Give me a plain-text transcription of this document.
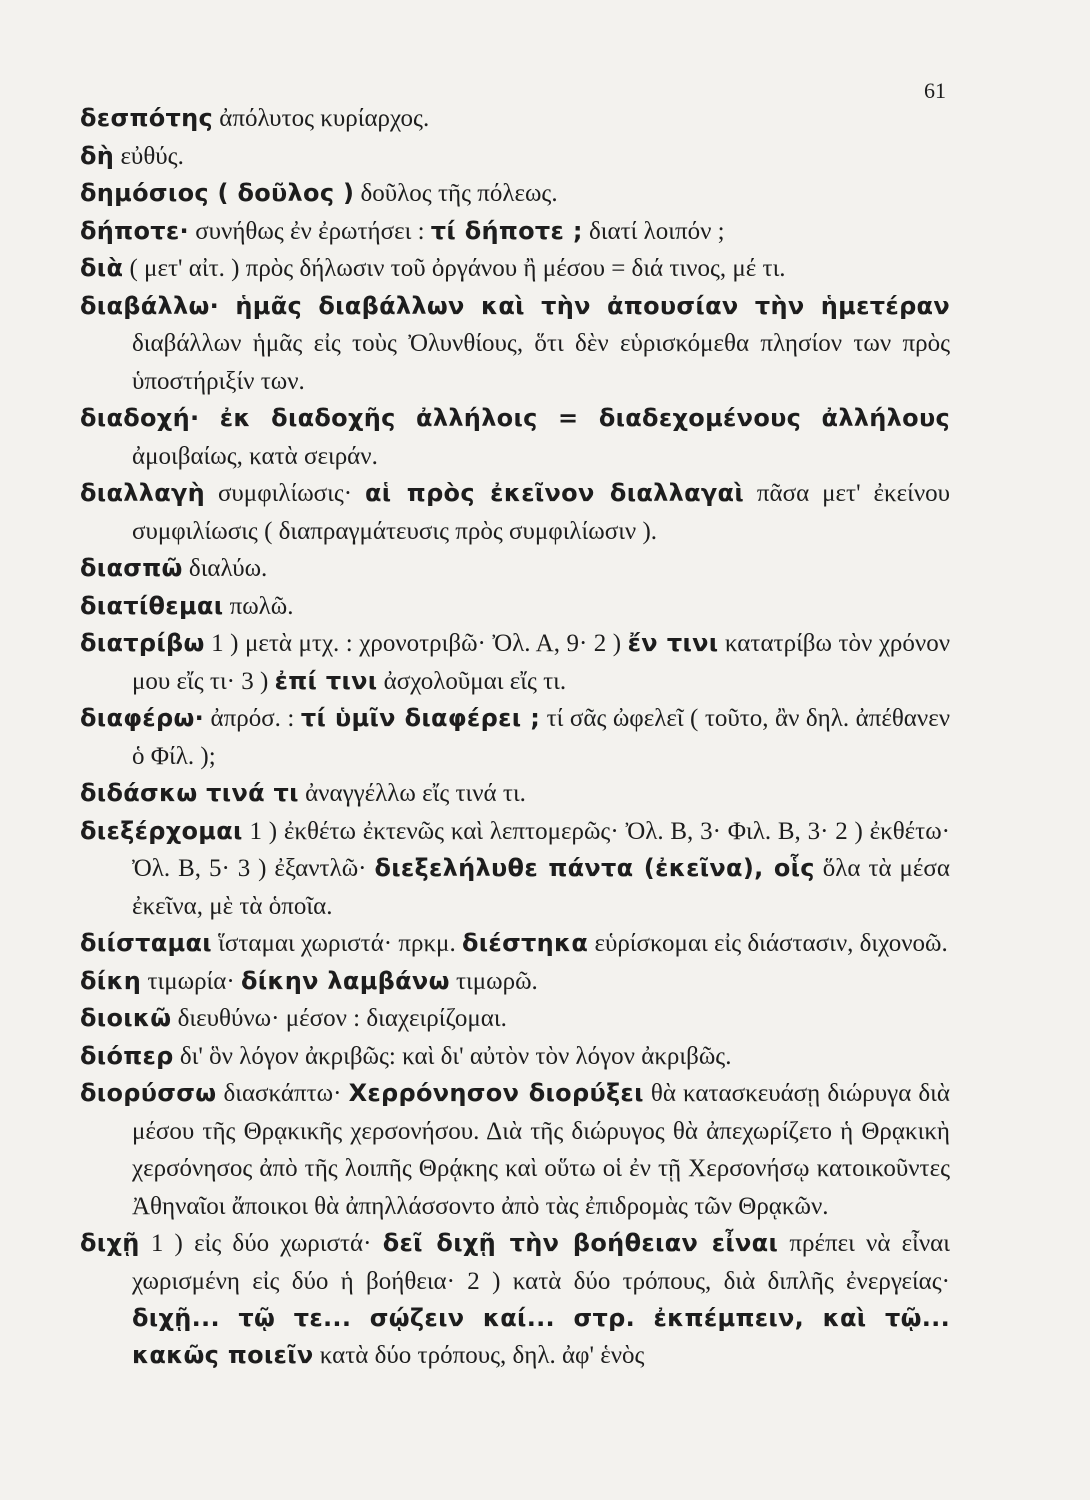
61

δεσπότης ἀπόλυτος κυρίαρχος.

δὴ εὐθύς.

δημόσιος ( δοῦλος ) δοῦλος τῆς πόλεως.

δήποτε· συνήθως ἐν ἐρωτήσει : τί δήποτε ; διατί λοιπόν ;

διὰ ( μετ' αἰτ. ) πρὸς δήλωσιν τοῦ ὀργάνου ἢ μέσου = διά τινος, μέ τι.

διαβάλλω· ἡμᾶς διαβάλλων καὶ τὴν ἀπουσίαν τὴν ἡμετέραν διαβάλλων ἡμᾶς εἰς τοὺς Ὀλυνθίους, ὅτι δὲν εὑρισκόμεθα πλησίον των πρὸς ὑποστήριξίν των.

διαδοχή· ἐκ διαδοχῆς ἀλλήλοις = διαδεχομένους ἀλλήλους ἀμοιβαίως, κατὰ σειράν.

διαλλαγὴ συμφιλίωσις· αἱ πρὸς ἐκεῖνον διαλλαγαὶ πᾶσα μετ' ἐκείνου συμφιλίωσις ( διαπραγμάτευσις πρὸς συμφιλίωσιν ).

διασπῶ διαλύω.

διατίθεμαι πωλῶ.

διατρίβω 1 ) μετὰ μτχ. : χρονοτριβῶ· Ὀλ. Α, 9· 2 ) ἔν τινι κατατρίβω τὸν χρόνον μου εἴς τι· 3 ) ἐπί τινι ἀσχολοῦμαι εἴς τι.

διαφέρω· ἀπρόσ. : τί ὑμῖν διαφέρει ; τί σᾶς ὠφελεῖ ( τοῦτο, ἂν δηλ. ἀπέθανεν ὁ Φίλ. );

διδάσκω τινά τι ἀναγγέλλω εἴς τινά τι.

διεξέρχομαι 1 ) ἐκθέτω ἐκτενῶς καὶ λεπτομερῶς· Ὀλ. Β, 3· Φιλ. Β, 3· 2 ) ἐκθέτω· Ὀλ. Β, 5· 3 ) ἐξαντλῶ· διεξελήλυθε πάντα (ἐκεῖνα), οἷς ὅλα τὰ μέσα ἐκεῖνα, μὲ τὰ ὁποῖα.

διίσταμαι ἵσταμαι χωριστά· πρκμ. διέστηκα εὑρίσκομαι εἰς διάστασιν, διχονοῶ.

δίκη τιμωρία· δίκην λαμβάνω τιμωρῶ.

διοικῶ διευθύνω· μέσον : διαχειρίζομαι.

διόπερ δι' ὃν λόγον ἀκριβῶς: καὶ δι' αὐτὸν τὸν λόγον ἀκριβῶς.

διορύσσω διασκάπτω· Χερρόνησον διορύξει θὰ κατασκευάσῃ διώρυγα διὰ μέσου τῆς Θρᾳκικῆς χερσονήσου. Διὰ τῆς διώρυγος θὰ ἀπεχωρίζετο ἡ Θρᾳκικὴ χερσόνησος ἀπὸ τῆς λοιπῆς Θρᾴκης καὶ οὕτω οἱ ἐν τῇ Χερσονήσῳ κατοικοῦντες Ἀθηναῖοι ἄποικοι θὰ ἀπηλλάσσοντο ἀπὸ τὰς ἐπιδρομὰς τῶν Θρᾳκῶν.

διχῇ 1 ) εἰς δύο χωριστά· δεῖ διχῇ τὴν βοήθειαν εἶναι πρέπει νὰ εἶναι χωρισμένη εἰς δύο ἡ βοήθεια· 2 ) κατὰ δύο τρόπους, διὰ διπλῆς ἐνεργείας· διχῇ... τῷ τε... σῴζειν καί... στρ. ἐκπέμπειν, καὶ τῷ... κακῶς ποιεῖν κατὰ δύο τρόπους, δηλ. ἀφ' ἑνὸς
